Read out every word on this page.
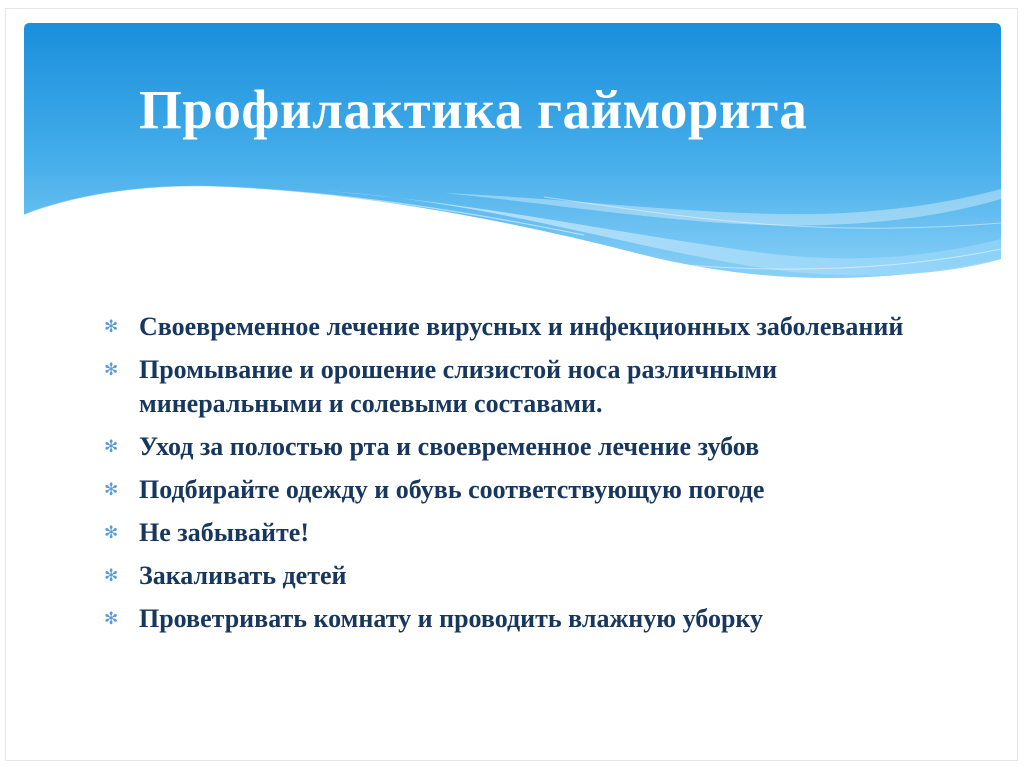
Профилактика гайморита
✻ Своевременное лечение вирусных и инфекционных заболеваний
✻ Промывание и орошение слизистой носа различными минеральными и солевыми составами.
✻ Уход за полостью рта и своевременное лечение зубов
✻ Подбирайте одежду и обувь соответствующую погоде
✻ Не забывайте!
✻ Закаливать детей
✻ Проветривать комнату и проводить влажную уборку
